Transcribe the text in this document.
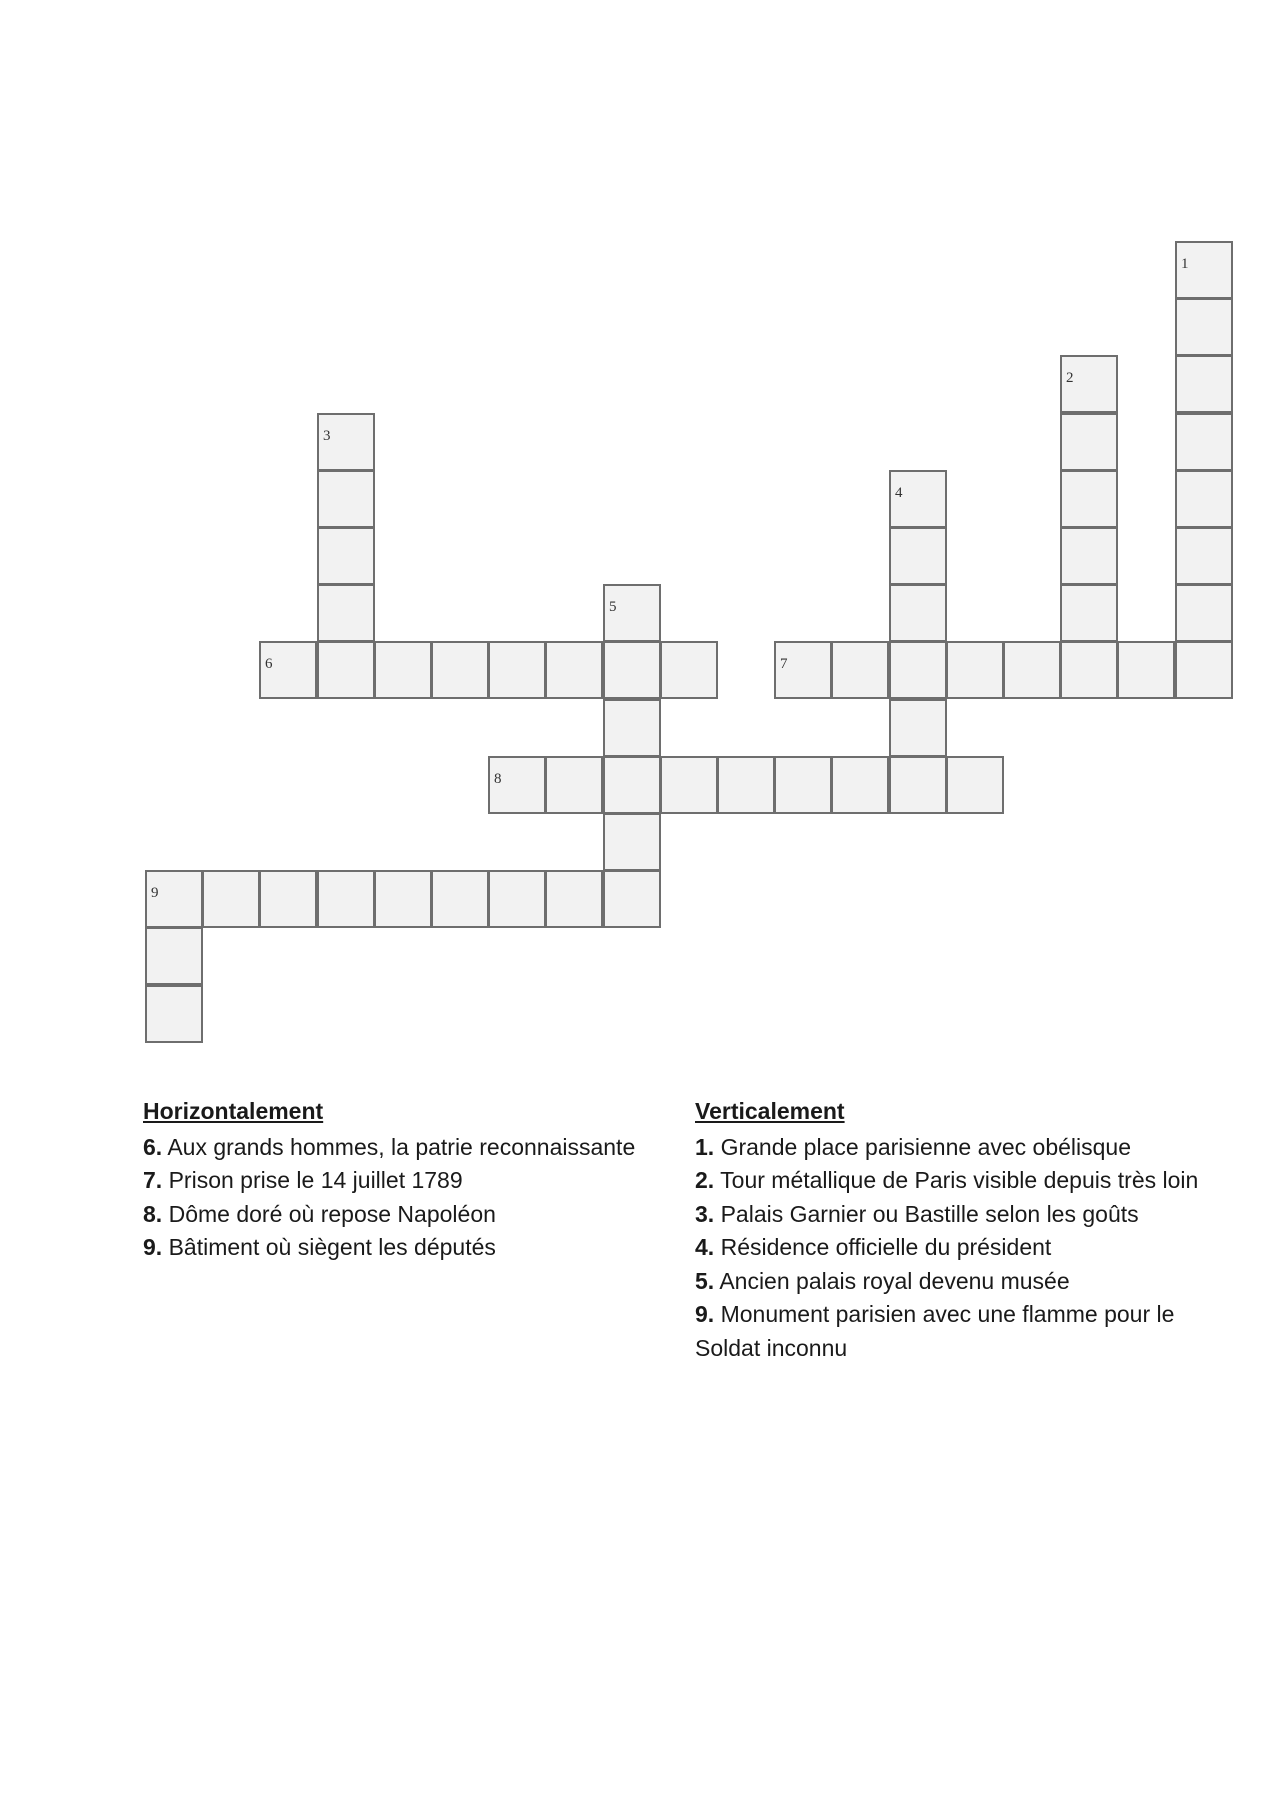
1
2
3
4
5
6	7
8
9
Horizontalement
6. Aux grands hommes, la patrie reconnaissante
7. Prison prise le 14 juillet 1789
8. Dôme doré où repose Napoléon
9. Bâtiment où siègent les députés
Verticalement
1. Grande place parisienne avec obélisque
2. Tour métallique de Paris visible depuis très loin
3. Palais Garnier ou Bastille selon les goûts
4. Résidence officielle du président
5. Ancien palais royal devenu musée
9. Monument parisien avec une flamme pour le Soldat inconnu
